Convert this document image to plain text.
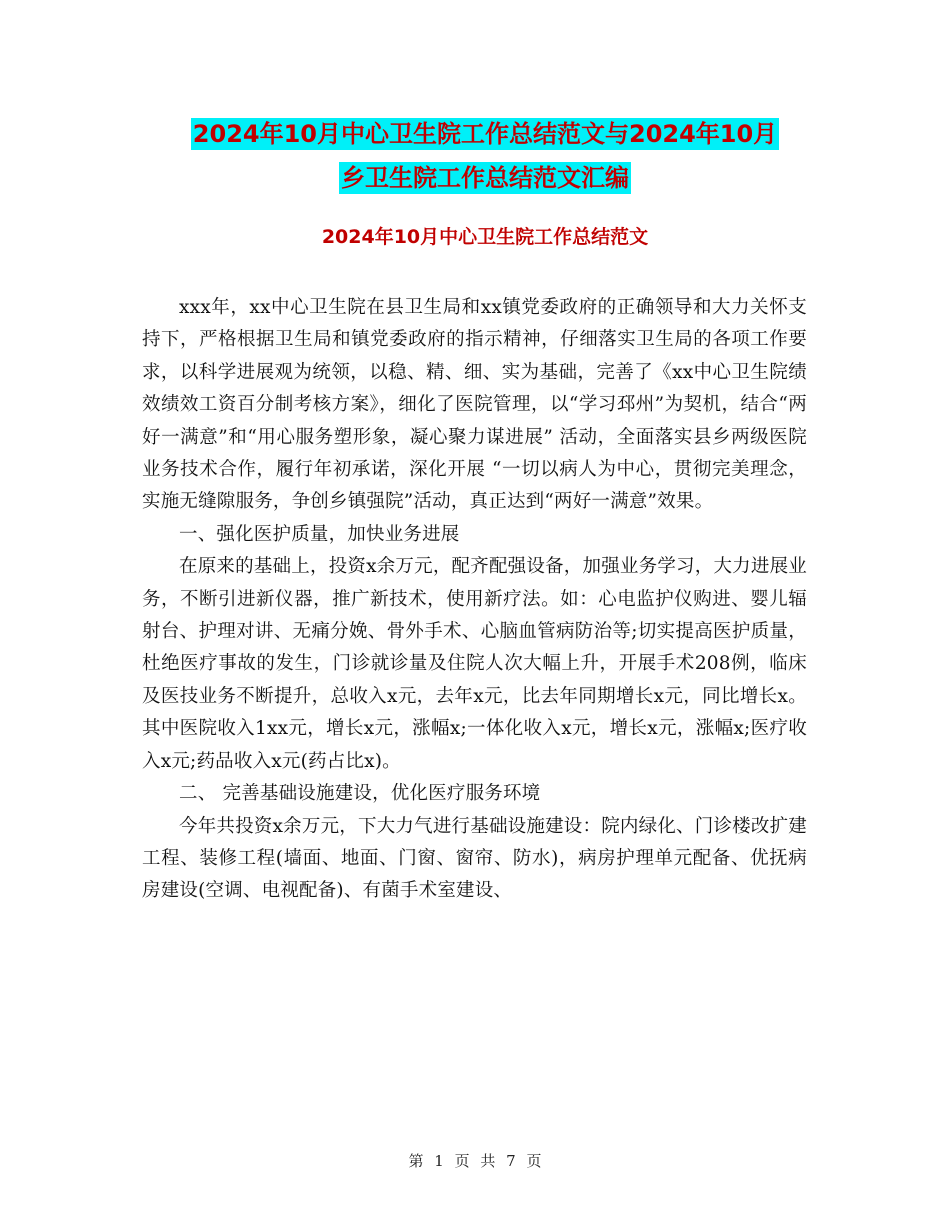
2024年10月中心卫生院工作总结范文与2024年10月
乡卫生院工作总结范文汇编
2024年10月中心卫生院工作总结范文

xxx年，xx中心卫生院在县卫生局和xx镇党委政府的正确领导和大力关怀支持下，严格根据卫生局和镇党委政府的指示精神，仔细落实卫生局的各项工作要求，以科学进展观为统领，以稳、精、细、实为基础，完善了《xx中心卫生院绩效绩效工资百分制考核方案》，细化了医院管理，以“学习邳州”为契机，结合“两好一满意”和“用心服务塑形象，凝心聚力谋进展” 活动，全面落实县乡两级医院业务技术合作，履行年初承诺，深化开展 “一切以病人为中心，贯彻完美理念，实施无缝隙服务，争创乡镇强院”活动，真正达到“两好一满意”效果。

一、强化医护质量，加快业务进展

在原来的基础上，投资x余万元，配齐配强设备，加强业务学习，大力进展业务，不断引进新仪器，推广新技术，使用新疗法。如：心电监护仪购进、婴儿辐射台、护理对讲、无痛分娩、骨外手术、心脑血管病防治等;切实提高医护质量，杜绝医疗事故的发生，门诊就诊量及住院人次大幅上升，开展手术208例，临床及医技业务不断提升，总收入x元，去年x元，比去年同期增长x元，同比增长x。其中医院收入1xx元，增长x元，涨幅x;一体化收入x元，增长x元，涨幅x;医疗收入x元;药品收入x元(药占比x)。

二、 完善基础设施建设，优化医疗服务环境

今年共投资x余万元，下大力气进行基础设施建设：院内绿化、门诊楼改扩建工程、装修工程(墙面、地面、门窗、窗帘、防水)，病房护理单元配备、优抚病房建设(空调、电视配备)、有菌手术室建设、

第 1 页 共 7 页
